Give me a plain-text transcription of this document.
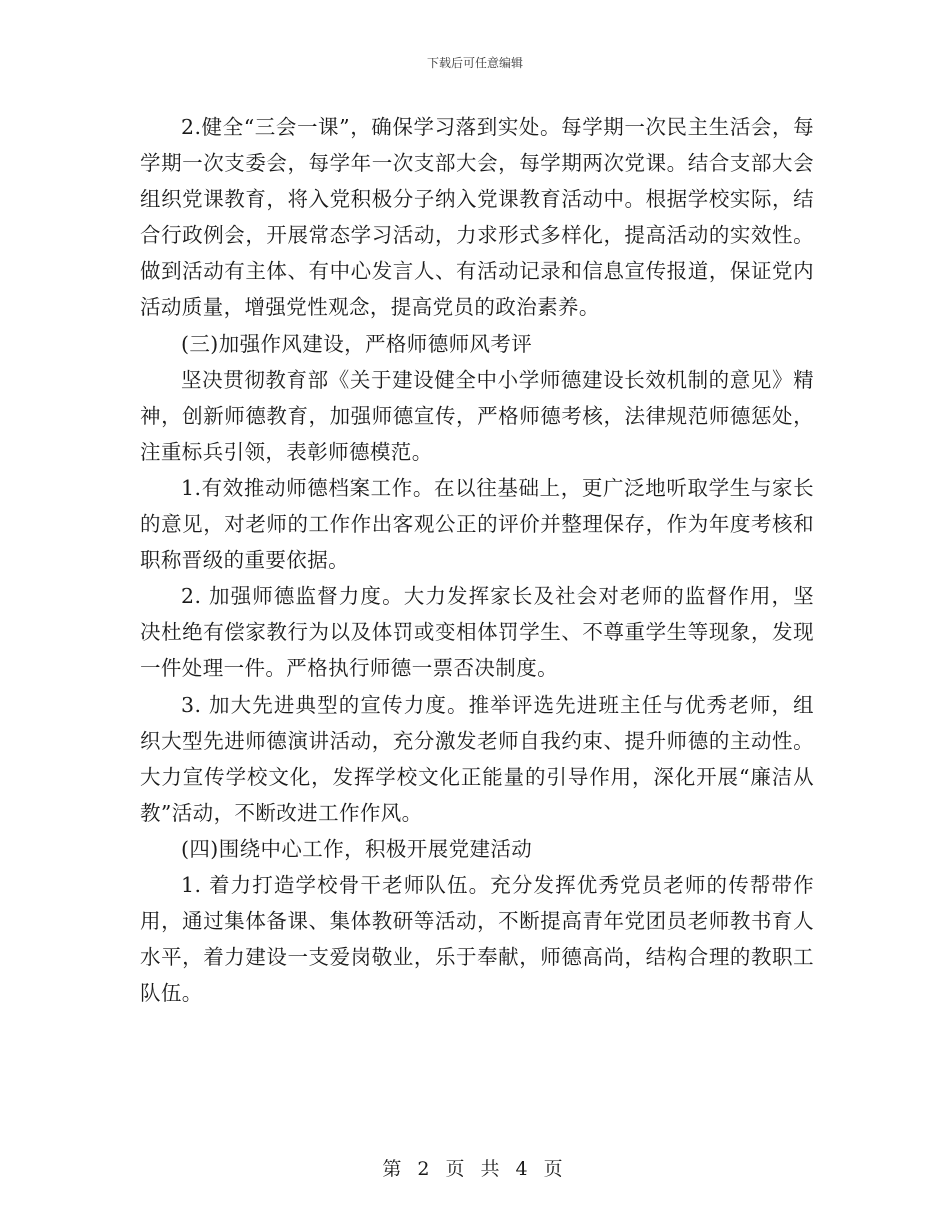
下载后可任意编辑

2.健全“三会一课”，确保学习落到实处。每学期一次民主生活会，每学期一次支委会，每学年一次支部大会，每学期两次党课。结合支部大会组织党课教育，将入党积极分子纳入党课教育活动中。根据学校实际，结合行政例会，开展常态学习活动，力求形式多样化，提高活动的实效性。做到活动有主体、有中心发言人、有活动记录和信息宣传报道，保证党内活动质量，增强党性观念，提高党员的政治素养。

(三)加强作风建设，严格师德师风考评

坚决贯彻教育部《关于建设健全中小学师德建设长效机制的意见》精神，创新师德教育，加强师德宣传，严格师德考核，法律规范师德惩处，注重标兵引领，表彰师德模范。

1.有效推动师德档案工作。在以往基础上，更广泛地听取学生与家长的意见，对老师的工作作出客观公正的评价并整理保存，作为年度考核和职称晋级的重要依据。

2. 加强师德监督力度。大力发挥家长及社会对老师的监督作用，坚决杜绝有偿家教行为以及体罚或变相体罚学生、不尊重学生等现象，发现一件处理一件。严格执行师德一票否决制度。

3. 加大先进典型的宣传力度。推举评选先进班主任与优秀老师，组织大型先进师德演讲活动，充分激发老师自我约束、提升师德的主动性。大力宣传学校文化，发挥学校文化正能量的引导作用，深化开展“廉洁从教”活动，不断改进工作作风。

(四)围绕中心工作，积极开展党建活动

1. 着力打造学校骨干老师队伍。充分发挥优秀党员老师的传帮带作用，通过集体备课、集体教研等活动，不断提高青年党团员老师教书育人水平，着力建设一支爱岗敬业，乐于奉献，师德高尚，结构合理的教职工队伍。

第 2 页 共 4 页
